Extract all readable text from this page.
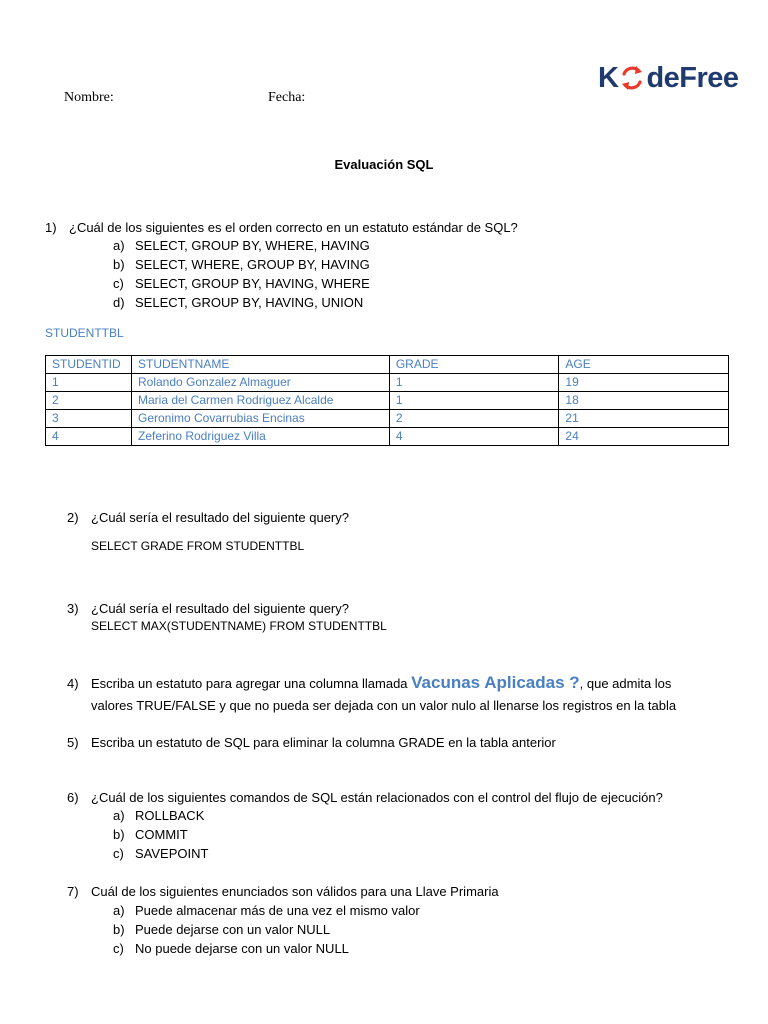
K deFree
Nombre:	Fecha:
Evaluación SQL
1) ¿Cuál de los siguientes es el orden correcto en un estatuto estándar de SQL?
a) SELECT, GROUP BY, WHERE, HAVING
b) SELECT, WHERE, GROUP BY, HAVING
c) SELECT, GROUP BY, HAVING, WHERE
d) SELECT, GROUP BY, HAVING, UNION
STUDENTTBL
STUDENTID	STUDENTNAME	GRADE	AGE
1	Rolando Gonzalez Almaguer	1	19
2	Maria del Carmen Rodriguez Alcalde	1	18
3	Geronimo Covarrubias Encinas	2	21
4	Zeferino Rodriguez Villa	4	24
2) ¿Cuál sería el resultado del siguiente query?
SELECT GRADE FROM STUDENTTBL
3) ¿Cuál sería el resultado del siguiente query?
SELECT MAX(STUDENTNAME) FROM STUDENTTBL
4) Escriba un estatuto para agregar una columna llamada Vacunas Aplicadas ?, que admita los
valores TRUE/FALSE y que no pueda ser dejada con un valor nulo al llenarse los registros en la tabla
5) Escriba un estatuto de SQL para eliminar la columna GRADE en la tabla anterior
6) ¿Cuál de los siguientes comandos de SQL están relacionados con el control del flujo de ejecución?
a) ROLLBACK
b) COMMIT
c) SAVEPOINT
7) Cuál de los siguientes enunciados son válidos para una Llave Primaria
a) Puede almacenar más de una vez el mismo valor
b) Puede dejarse con un valor NULL
c) No puede dejarse con un valor NULL
